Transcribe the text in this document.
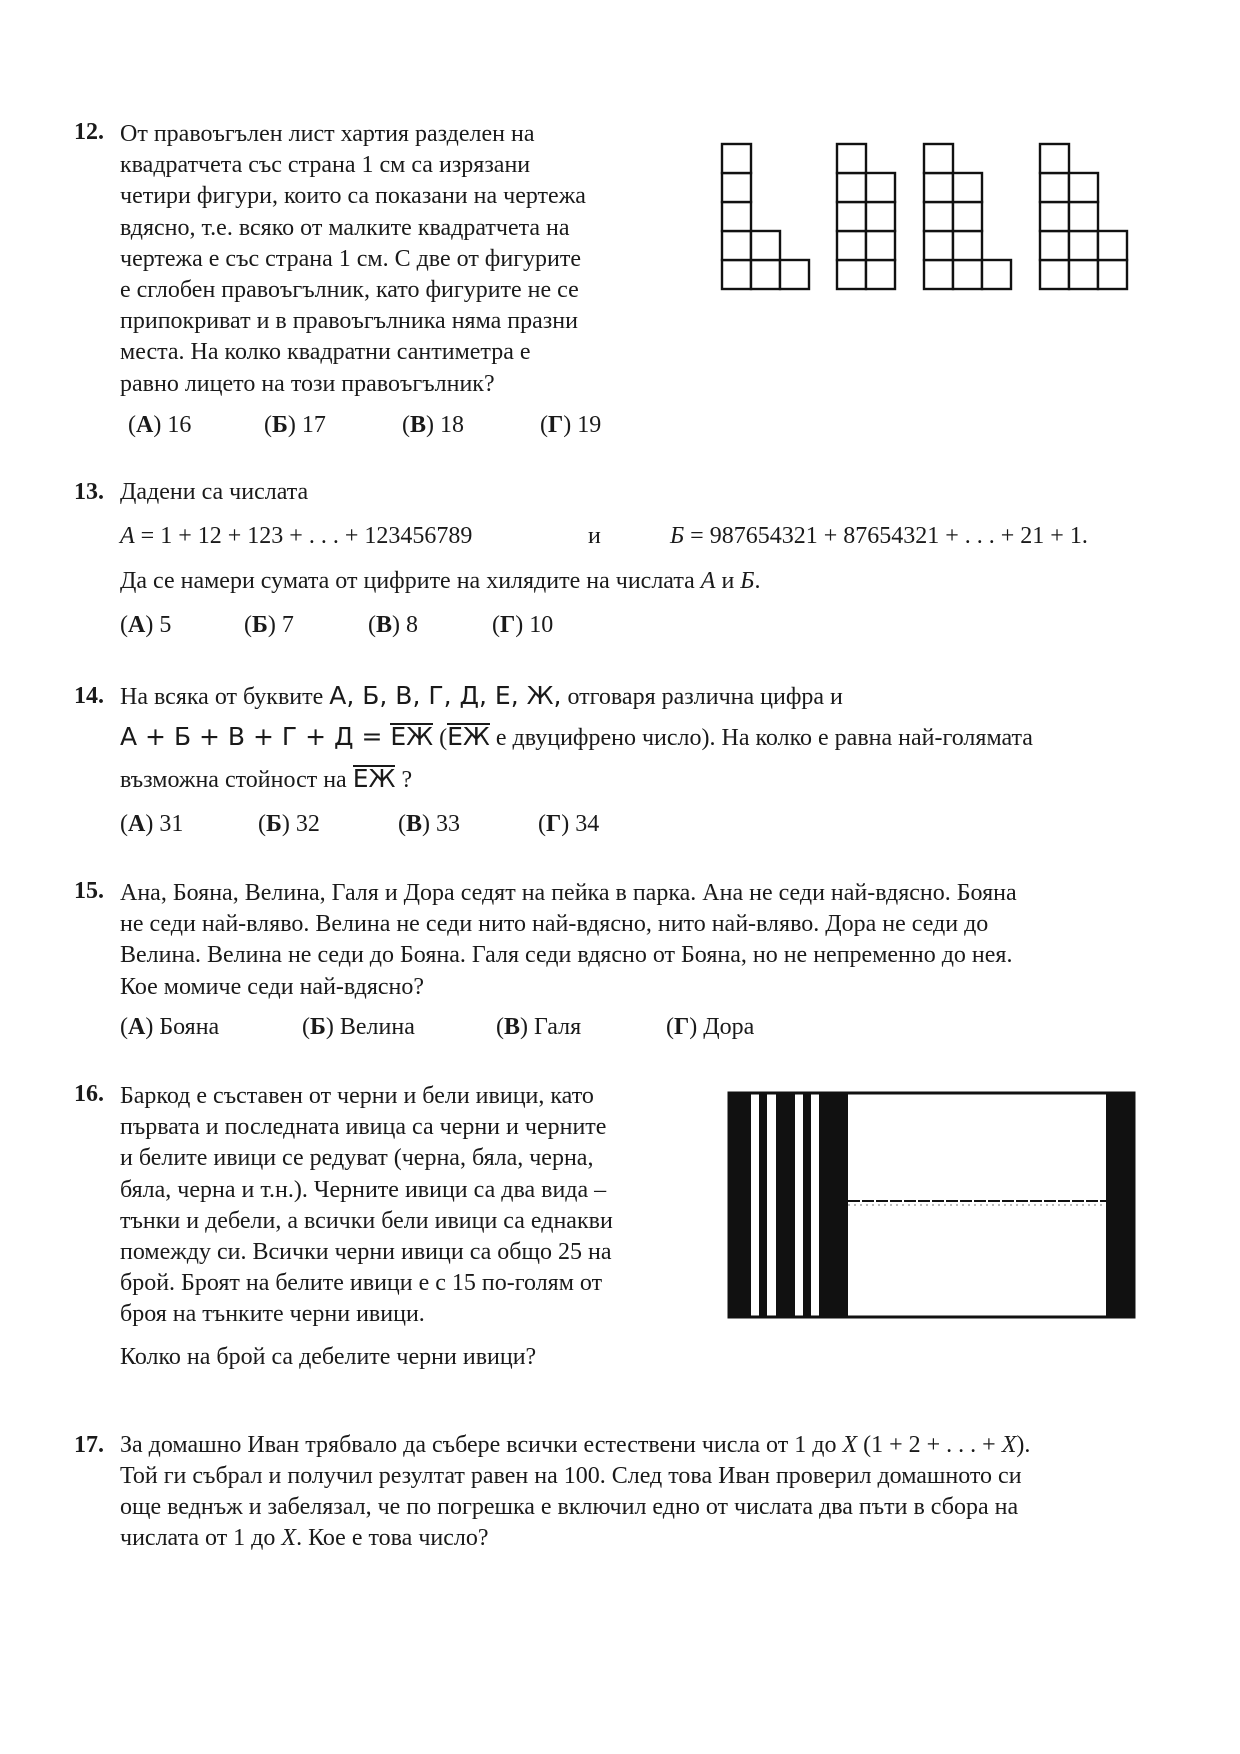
12. От правоъгълен лист хартия разделен на
квадратчета със страна 1 см са изрязани
четири фигури, които са показани на чертежа
вдясно, т.е. всяко от малките квадратчета на
чертежа е със страна 1 см. С две от фигурите
е сглобен правоъгълник, като фигурите не се
припокриват и в правоъгълника няма празни
места. На колко квадратни сантиметра е
равно лицето на този правоъгълник?
(А) 16	(Б) 17	(В) 18	(Г) 19
13. Дадени са числата
A = 1 + 12 + 123 + . . . + 123456789	и	Б = 987654321 + 87654321 + . . . + 21 + 1.
Да се намери сумата от цифрите на хилядите на числата A и Б.
(А) 5	(Б) 7	(В) 8	(Г) 10
14. На всяка от буквите А, Б, В, Г, Д, Е, Ж, отговаря различна цифра и
А + Б + В + Г + Д = ЕЖ (ЕЖ е двуцифрено число). На колко е равна най-голямата
възможна стойност на ЕЖ ?
(А) 31	(Б) 32	(В) 33	(Г) 34
15. Ана, Бояна, Велина, Галя и Дора седят на пейка в парка. Ана не седи най-вдясно. Бояна
не седи най-вляво. Велина не седи нито най-вдясно, нито най-вляво. Дора не седи до
Велина. Велина не седи до Бояна. Галя седи вдясно от Бояна, но не непременно до нея.
Кое момиче седи най-вдясно?
(А) Бояна	(Б) Велина	(В) Галя	(Г) Дора
16. Баркод е съставен от черни и бели ивици, като
първата и последната ивица са черни и черните
и белите ивици се редуват (черна, бяла, черна,
бяла, черна и т.н.). Черните ивици са два вида –
тънки и дебели, а всички бели ивици са еднакви
помежду си. Всички черни ивици са общо 25 на
брой. Броят на белите ивици е с 15 по-голям от
броя на тънките черни ивици.
Колко на брой са дебелите черни ивици?
17. За домашно Иван трябвало да събере всички естествени числа от 1 до X (1 + 2 + . . . + X).
Той ги събрал и получил резултат равен на 100. След това Иван проверил домашното си
още веднъж и забелязал, че по погрешка е включил едно от числата два пъти в сбора на
числата от 1 до X. Кое е това число?
